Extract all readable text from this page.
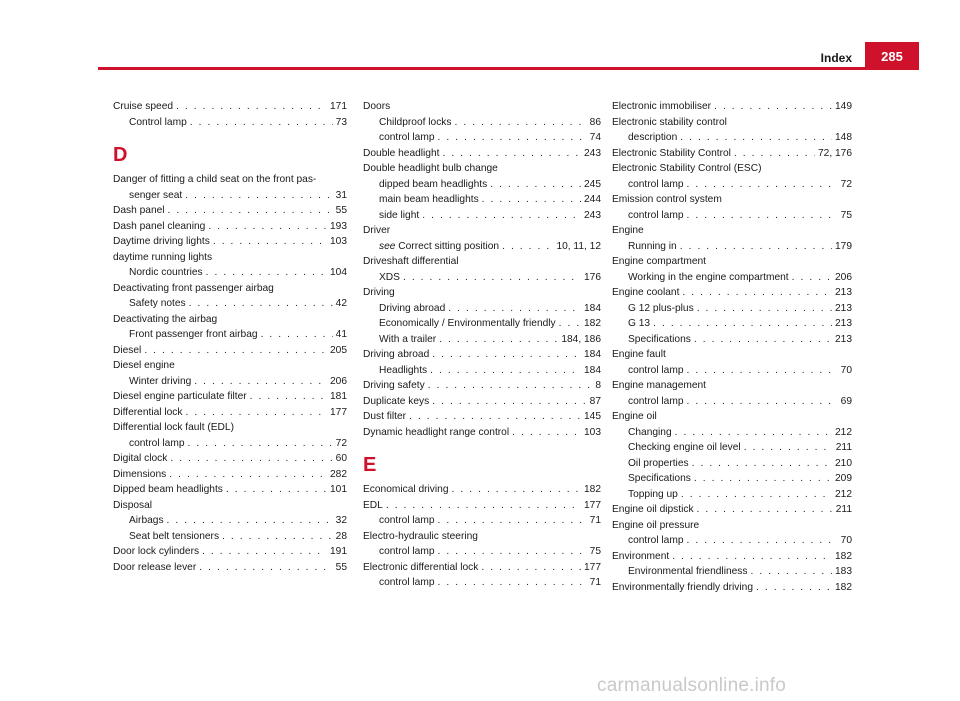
Index	285
Cruise speed . . .	171
Control lamp . . .	73
D
Danger of fitting a child seat on the front pas-
senger seat . . .	31
Dash panel . . .	55
Dash panel cleaning . . .	193
Daytime driving lights . . .	103
daytime running lights
Nordic countries . . .	104
Deactivating front passenger airbag
Safety notes . . .	42
Deactivating the airbag
Front passenger front airbag . . .	41
Diesel . . .	205
Diesel engine
Winter driving . . .	206
Diesel engine particulate filter . . .	181
Differential lock . . .	177
Differential lock fault (EDL)
control lamp . . .	72
Digital clock . . .	60
Dimensions . . .	282
Dipped beam headlights . . .	101
Disposal
Airbags . . .	32
Seat belt tensioners . . .	28
Door lock cylinders . . .	191
Door release lever . . .	55
Doors
Childproof locks . . .	86
control lamp . . .	74
Double headlight . . .	243
Double headlight bulb change
dipped beam headlights . . .	245
main beam headlights . . .	244
side light . . .	243
Driver
see Correct sitting position . . .	10, 11, 12
Driveshaft differential
XDS . . .	176
Driving
Driving abroad . . .	184
Economically / Environmentally friendly . . .	182
With a trailer . . .	184, 186
Driving abroad . . .	184
Headlights . . .	184
Driving safety . . .	8
Duplicate keys . . .	87
Dust filter . . .	145
Dynamic headlight range control . . .	103
E
Economical driving . . .	182
EDL . . .	177
control lamp . . .	71
Electro-hydraulic steering
control lamp . . .	75
Electronic differential lock . . .	177
control lamp . . .	71
Electronic immobiliser . . .	149
Electronic stability control
description . . .	148
Electronic Stability Control . . .	72, 176
Electronic Stability Control (ESC)
control lamp . . .	72
Emission control system
control lamp . . .	75
Engine
Running in . . .	179
Engine compartment
Working in the engine compartment . . .	206
Engine coolant . . .	213
G 12 plus-plus . . .	213
G 13 . . .	213
Specifications . . .	213
Engine fault
control lamp . . .	70
Engine management
control lamp . . .	69
Engine oil
Changing . . .	212
Checking engine oil level . . .	211
Oil properties . . .	210
Specifications . . .	209
Topping up . . .	212
Engine oil dipstick . . .	211
Engine oil pressure
control lamp . . .	70
Environment . . .	182
Environmental friendliness . . .	183
Environmentally friendly driving . . .	182
carmanualsonline.info
